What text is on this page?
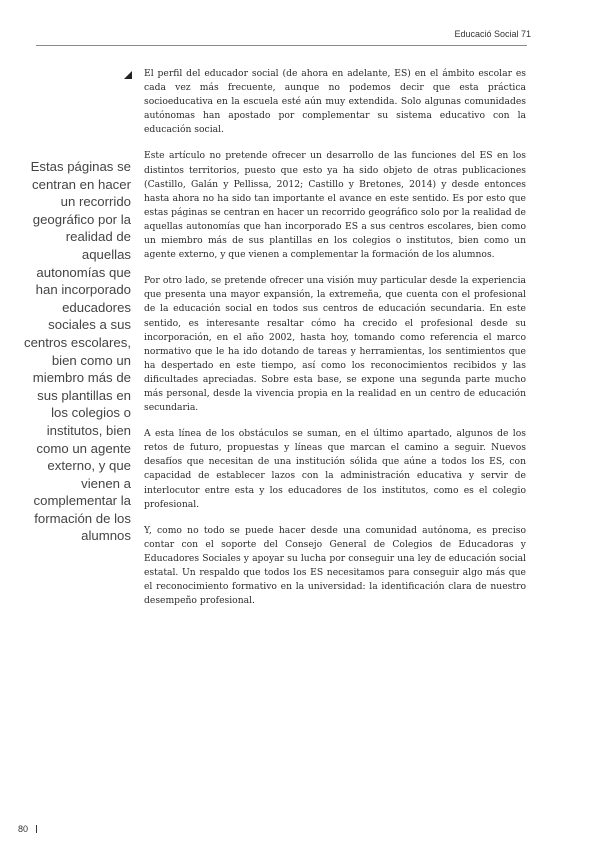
Educació Social 71
Estas páginas se centran en hacer un recorrido geográfico por la realidad de aquellas autonomías que han incorporado educadores sociales a sus centros escolares, bien como un miembro más de sus plantillas en los colegios o institutos, bien como un agente externo, y que vienen a complementar la formación de los alumnos

El perfil del educador social (de ahora en adelante, ES) en el ámbito escolar es cada vez más frecuente, aunque no podemos decir que esta práctica socioeducativa en la escuela esté aún muy extendida. Solo algunas comunidades autónomas han apostado por complementar su sistema educativo con la educación social.

Este artículo no pretende ofrecer un desarrollo de las funciones del ES en los distintos territorios, puesto que esto ya ha sido objeto de otras publicaciones (Castillo, Galán y Pellissa, 2012; Castillo y Bretones, 2014) y desde entonces hasta ahora no ha sido tan importante el avance en este sentido. Es por esto que estas páginas se centran en hacer un recorrido geográfico solo por la realidad de aquellas autonomías que han incorporado ES a sus centros escolares, bien como un miembro más de sus plantillas en los colegios o institutos, bien como un agente externo, y que vienen a complementar la formación de los alumnos.

Por otro lado, se pretende ofrecer una visión muy particular desde la experiencia que presenta una mayor expansión, la extremeña, que cuenta con el profesional de la educación social en todos sus centros de educación secundaria. En este sentido, es interesante resaltar cómo ha crecido el profesional desde su incorporación, en el año 2002, hasta hoy, tomando como referencia el marco normativo que le ha ido dotando de tareas y herramientas, los sentimientos que ha despertado en este tiempo, así como los reconocimientos recibidos y las dificultades apreciadas. Sobre esta base, se expone una segunda parte mucho más personal, desde la vivencia propia en la realidad en un centro de educación secundaria.

A esta línea de los obstáculos se suman, en el último apartado, algunos de los retos de futuro, propuestas y líneas que marcan el camino a seguir. Nuevos desafíos que necesitan de una institución sólida que aúne a todos los ES, con capacidad de establecer lazos con la administración educativa y servir de interlocutor entre esta y los educadores de los institutos, como es el colegio profesional.

Y, como no todo se puede hacer desde una comunidad autónoma, es preciso contar con el soporte del Consejo General de Colegios de Educadoras y Educadores Sociales y apoyar su lucha por conseguir una ley de educación social estatal. Un respaldo que todos los ES necesitamos para conseguir algo más que el reconocimiento formativo en la universidad: la identificación clara de nuestro desempeño profesional.

80
